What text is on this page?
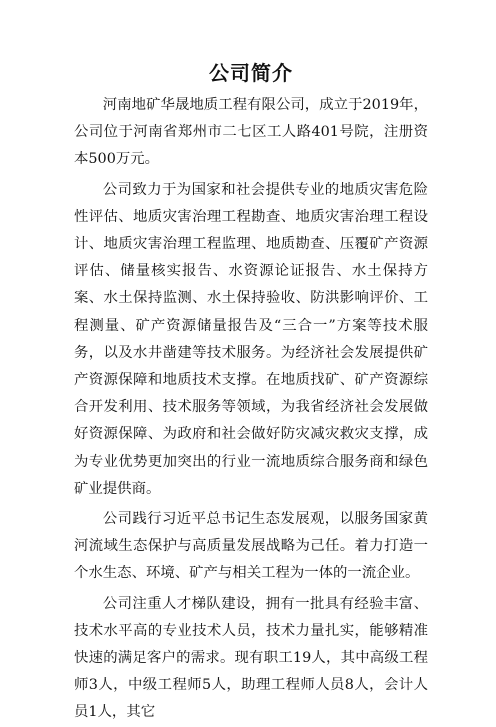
公司简介

河南地矿华晟地质工程有限公司，成立于2019年，公司位于河南省郑州市二七区工人路401号院，注册资本500万元。

公司致力于为国家和社会提供专业的地质灾害危险性评估、地质灾害治理工程勘查、地质灾害治理工程设计、地质灾害治理工程监理、地质勘查、压覆矿产资源评估、储量核实报告、水资源论证报告、水土保持方案、水土保持监测、水土保持验收、防洪影响评价、工程测量、矿产资源储量报告及“三合一”方案等技术服务，以及水井凿建等技术服务。为经济社会发展提供矿产资源保障和地质技术支撑。在地质找矿、矿产资源综合开发利用、技术服务等领域，为我省经济社会发展做好资源保障、为政府和社会做好防灾减灾救灾支撑，成为专业优势更加突出的行业一流地质综合服务商和绿色矿业提供商。

公司践行习近平总书记生态发展观，以服务国家黄河流域生态保护与高质量发展战略为己任。着力打造一个水生态、环境、矿产与相关工程为一体的一流企业。

公司注重人才梯队建设，拥有一批具有经验丰富、技术水平高的专业技术人员，技术力量扎实，能够精准快速的满足客户的需求。现有职工19人，其中高级工程师3人，中级工程师5人，助理工程师人员8人，会计人员1人，其它
